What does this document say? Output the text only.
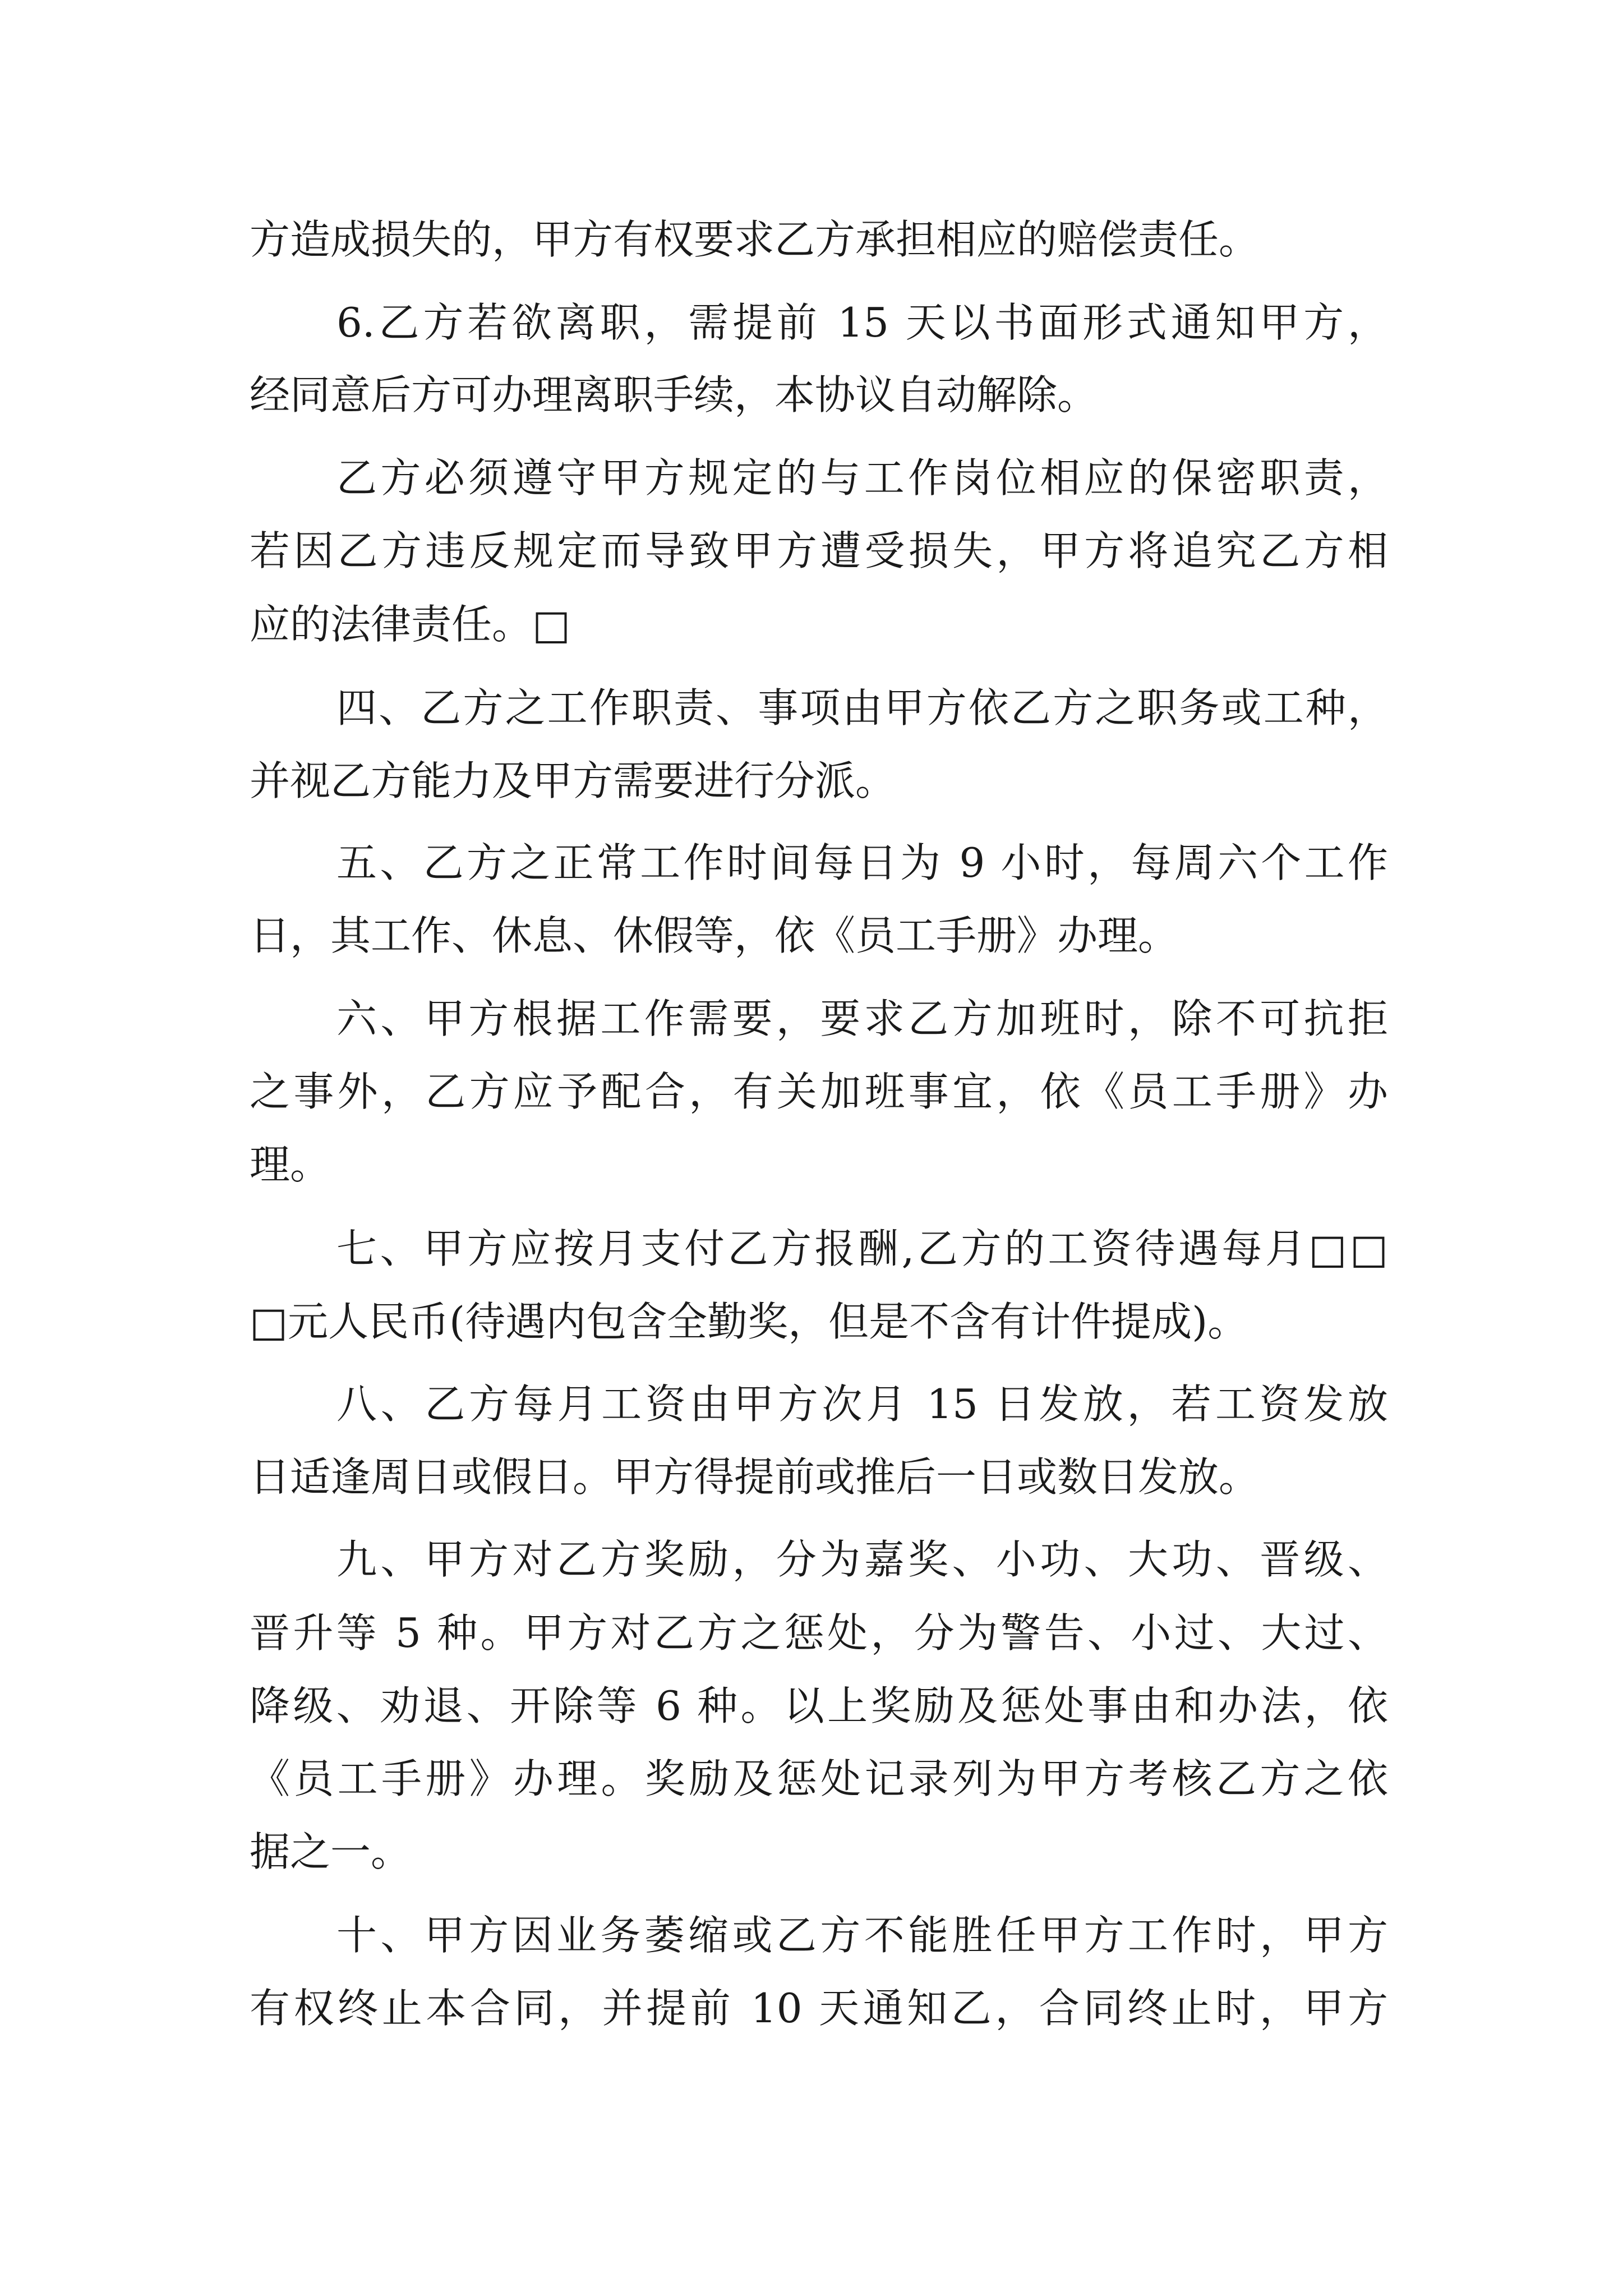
方造成损失的，甲方有权要求乙方承担相应的赔偿责任。
6.乙方若欲离职，需提前 15 天以书面形式通知甲方，
经同意后方可办理离职手续，本协议自动解除。
乙方必须遵守甲方规定的与工作岗位相应的保密职责，
若因乙方违反规定而导致甲方遭受损失，甲方将追究乙方相
应的法律责任。□
四、乙方之工作职责、事项由甲方依乙方之职务或工种，
并视乙方能力及甲方需要进行分派。
五、乙方之正常工作时间每日为 9 小时，每周六个工作
日，其工作、休息、休假等，依《员工手册》办理。
六、甲方根据工作需要，要求乙方加班时，除不可抗拒
之事外，乙方应予配合，有关加班事宜，依《员工手册》办
理。
七、甲方应按月支付乙方报酬,乙方的工资待遇每月□□
□元人民币(待遇内包含全勤奖，但是不含有计件提成)。
八、乙方每月工资由甲方次月 15 日发放，若工资发放
日适逢周日或假日。甲方得提前或推后一日或数日发放。
九、甲方对乙方奖励，分为嘉奖、小功、大功、晋级、
晋升等 5 种。甲方对乙方之惩处，分为警告、小过、大过、
降级、劝退、开除等 6 种。以上奖励及惩处事由和办法，依
《员工手册》办理。奖励及惩处记录列为甲方考核乙方之依
据之一。
十、甲方因业务萎缩或乙方不能胜任甲方工作时，甲方
有权终止本合同，并提前 10 天通知乙，合同终止时，甲方
